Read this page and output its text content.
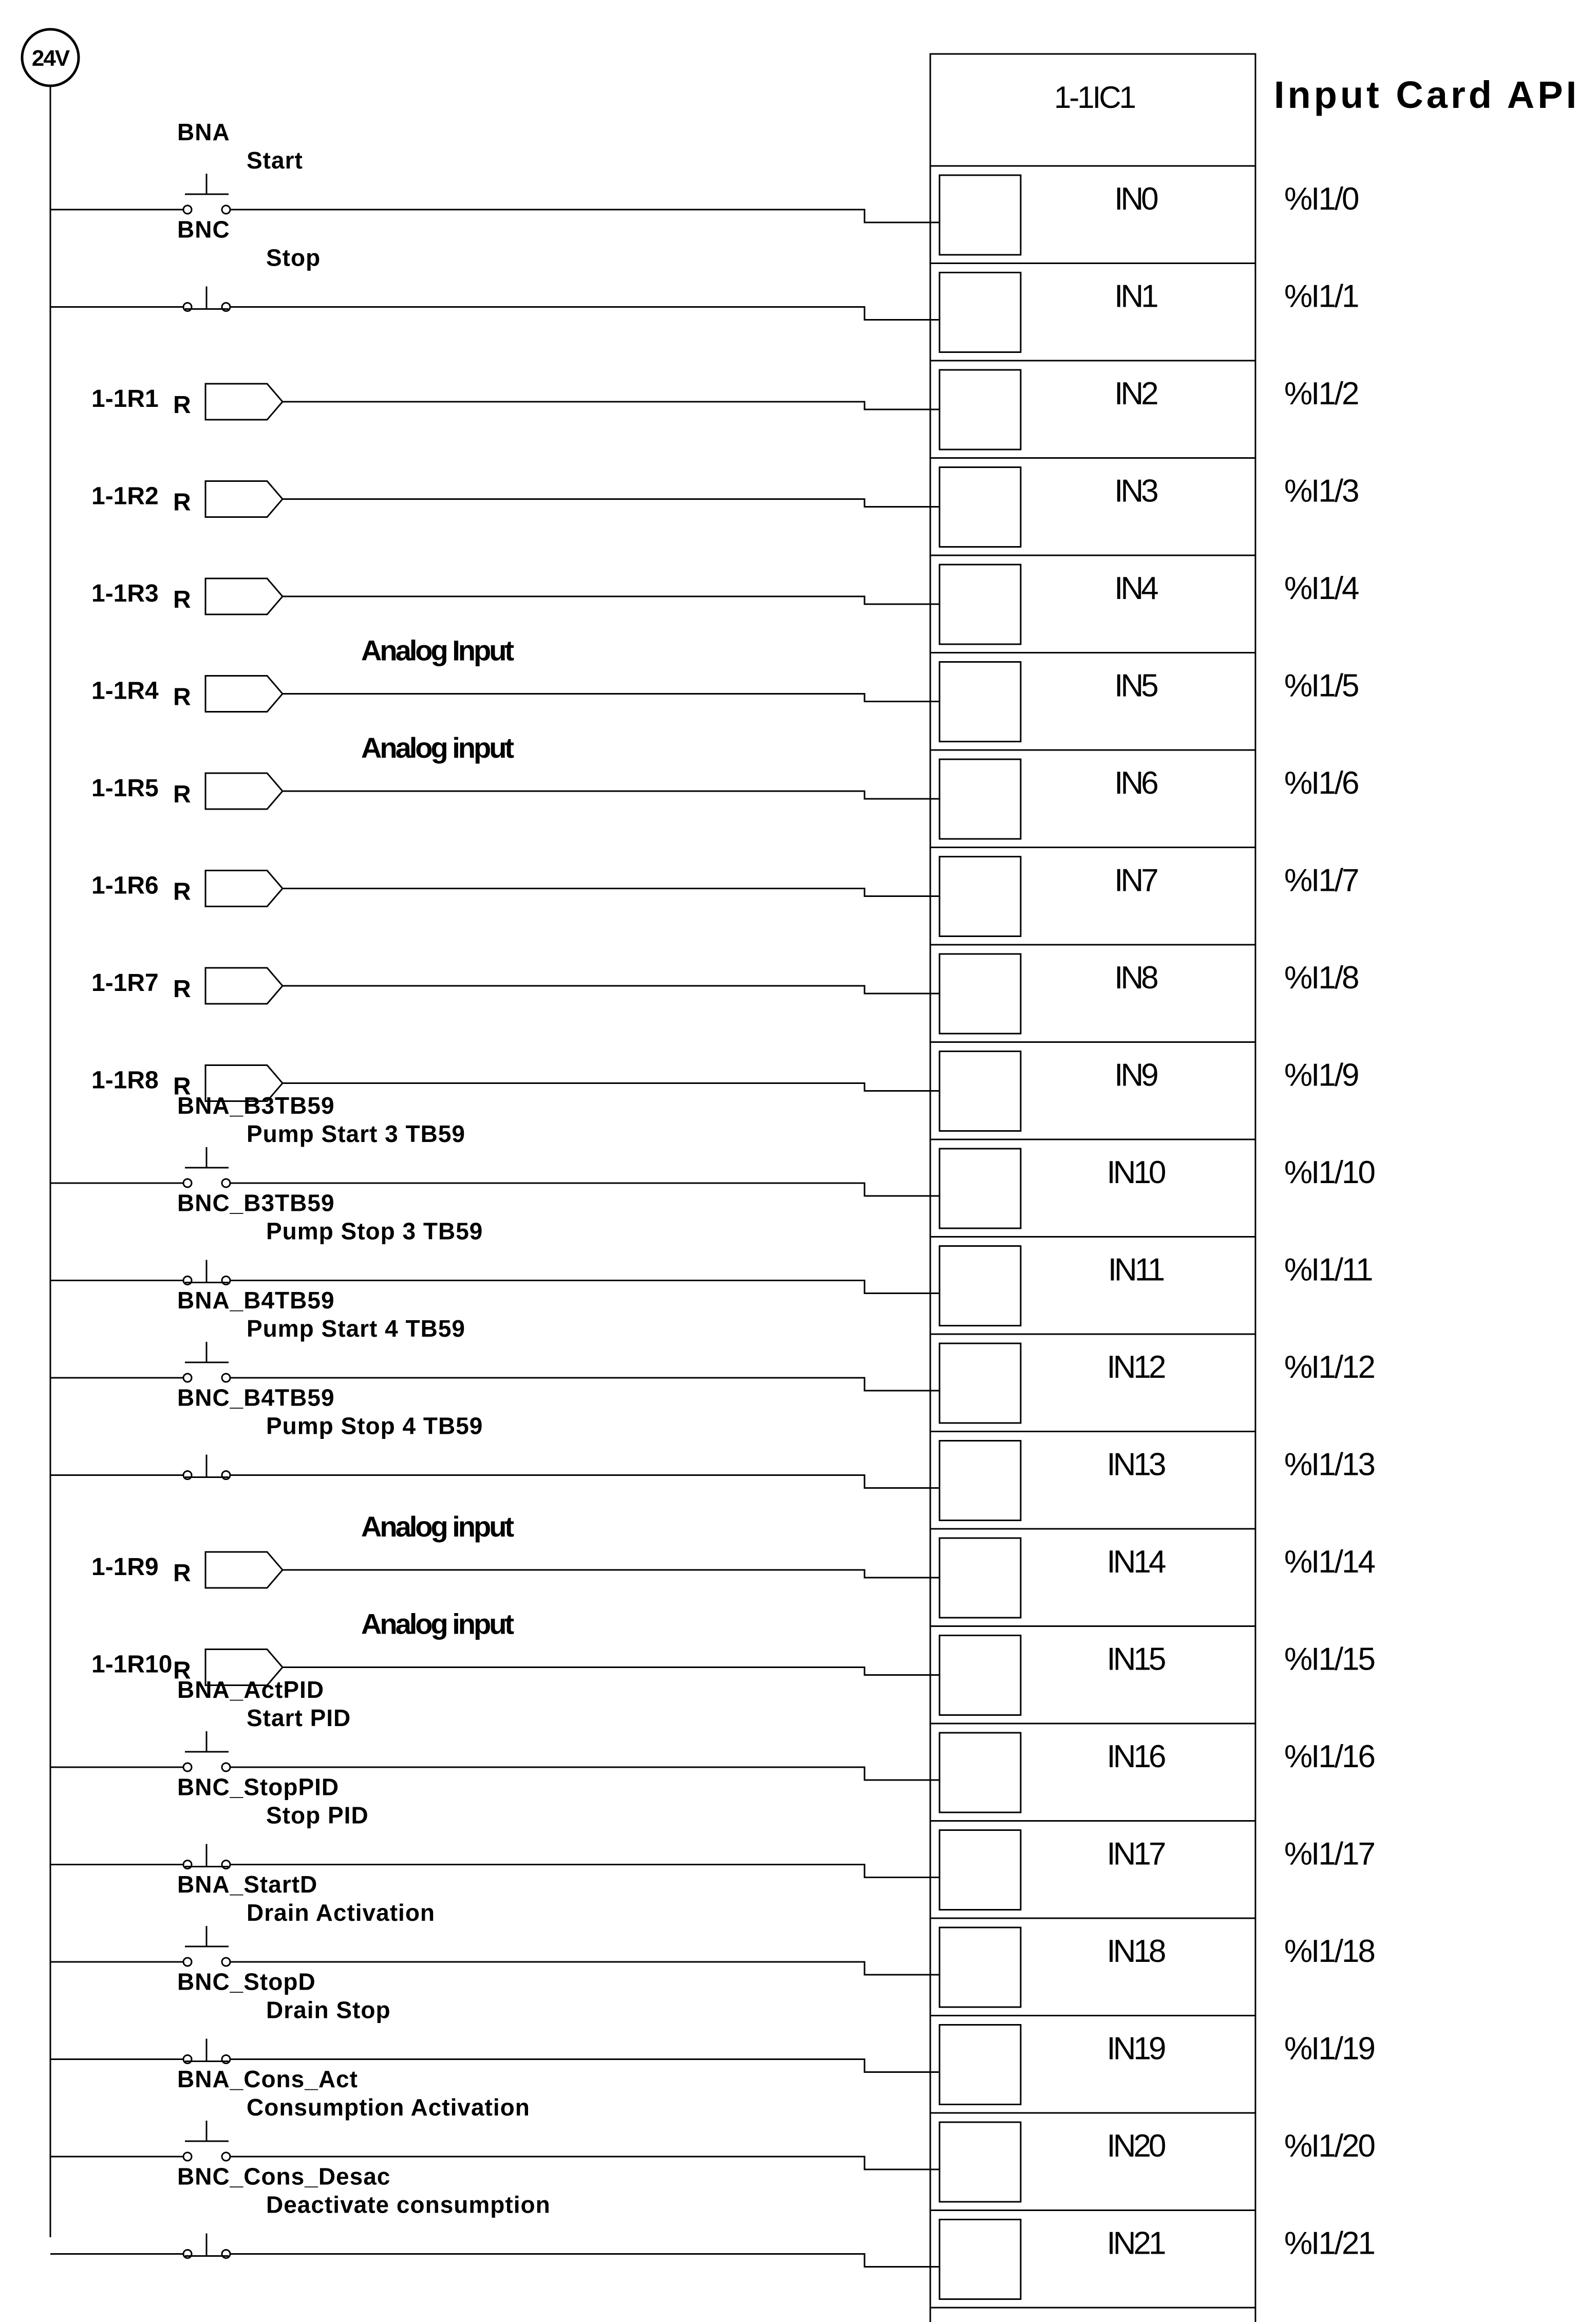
24V
1-1IC1	Input Card API
IN0	%I1/0
BNA
Start
IN1	%I1/1
BNC
Stop
IN2	%I1/2
1-1R1 R
IN3	%I1/3
1-1R2 R
IN4	%I1/4
1-1R3 R
IN5	%I1/5
1-1R4 R
Analog Input
IN6	%I1/6
1-1R5 R
Analog input
IN7	%I1/7
1-1R6 R
IN8	%I1/8
1-1R7 R
IN9	%I1/9
1-1R8 R
IN10	%I1/10
BNA_B3TB59
Pump Start 3 TB59
IN11	%I1/11
BNC_B3TB59
Pump Stop 3 TB59
IN12	%I1/12
BNA_B4TB59
Pump Start 4 TB59
IN13	%I1/13
BNC_B4TB59
Pump Stop 4 TB59
IN14	%I1/14
1-1R9 R
Analog input
IN15	%I1/15
1-1R10 R
Analog input
IN16	%I1/16
BNA_ActPID
Start PID
IN17	%I1/17
BNC_StopPID
Stop PID
IN18	%I1/18
BNA_StartD
Drain Activation
IN19	%I1/19
BNC_StopD
Drain Stop
IN20	%I1/20
BNA_Cons_Act
Consumption Activation
IN21	%I1/21
BNC_Cons_Desac
Deactivate consumption
